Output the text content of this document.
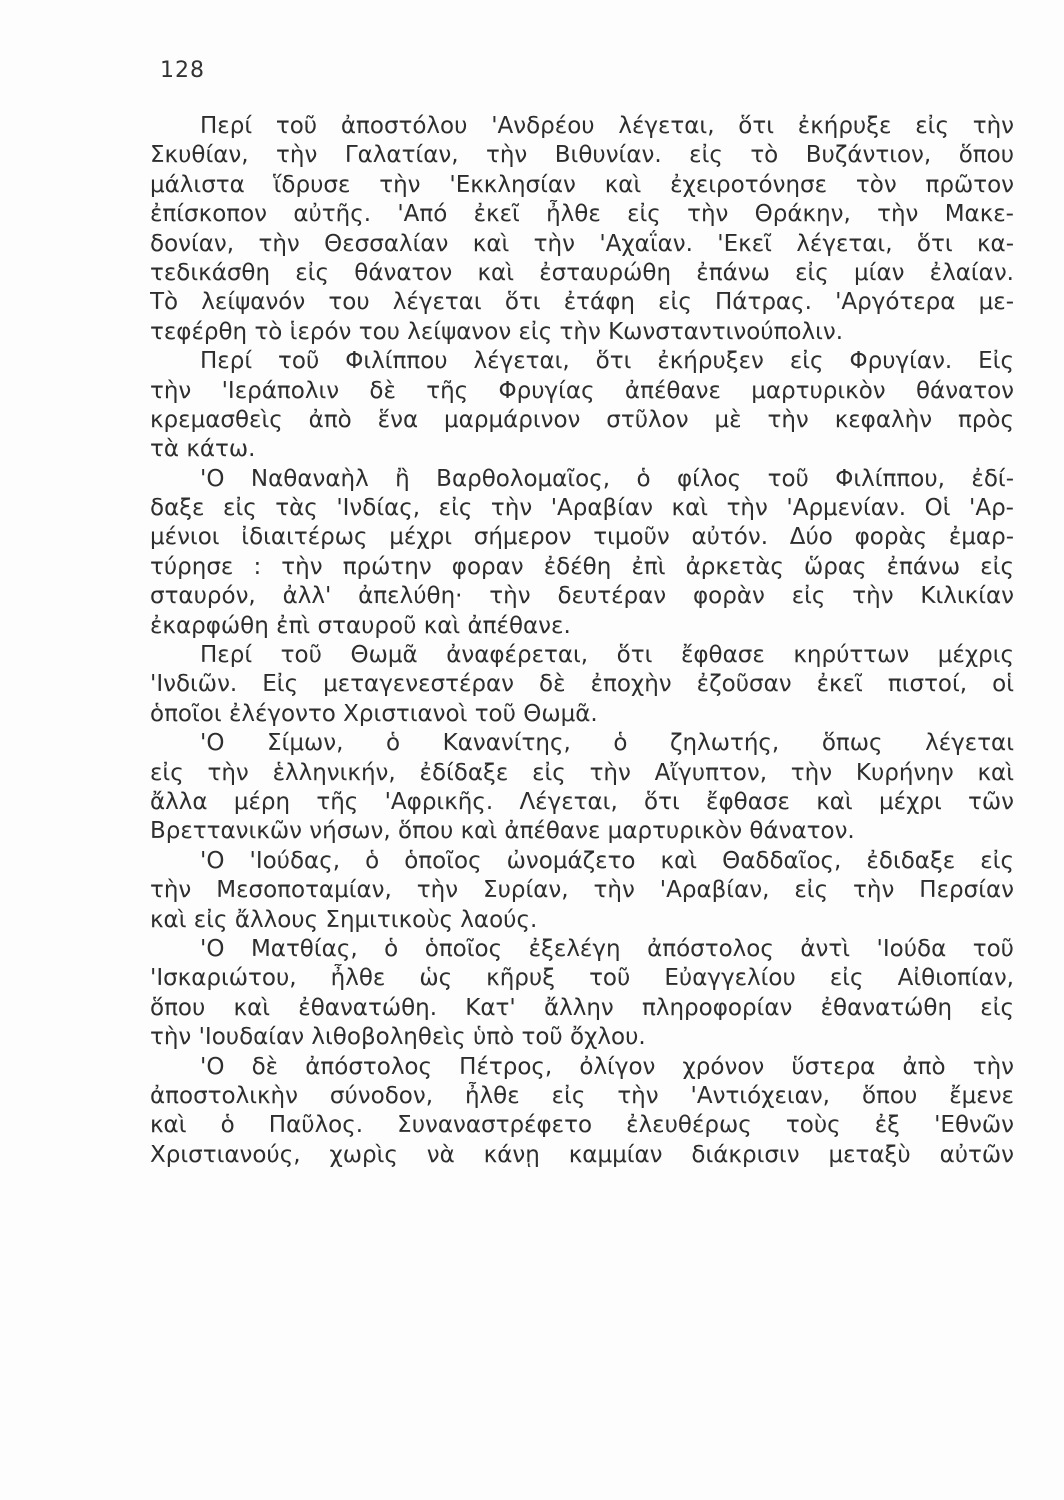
128
Περί τοῦ ἀποστόλου 'Ανδρέου λέγεται, ὅτι ἐκήρυξε εἰς τὴν
Σκυθίαν, τὴν Γαλατίαν, τὴν Βιθυνίαν. εἰς τὸ Βυζάντιον, ὅπου
μάλιστα ἵδρυσε τὴν 'Εκκλησίαν καὶ ἐχειροτόνησε τὸν πρῶτον
ἐπίσκοπον αὐτῆς. 'Από ἐκεῖ ἦλθε εἰς τὴν Θράκην, τὴν Μακε-
δονίαν, τὴν Θεσσαλίαν καὶ τὴν 'Αχαΐαν. 'Εκεῖ λέγεται, ὅτι κα-
τεδικάσθη εἰς θάνατον καὶ ἐσταυρώθη ἐπάνω εἰς μίαν ἐλαίαν.
Τὸ λείψανόν του λέγεται ὅτι ἐτάφη εἰς Πάτρας. 'Αργότερα με-
τεφέρθη τὸ ἱερόν του λείψανον εἰς τὴν Κωνσταντινούπολιν.
Περί τοῦ Φιλίππου λέγεται, ὅτι ἐκήρυξεν εἰς Φρυγίαν. Εἰς
τὴν 'Ιεράπολιν δὲ τῆς Φρυγίας ἀπέθανε μαρτυρικὸν θάνατον
κρεμασθεὶς ἀπὸ ἕνα μαρμάρινον στῦλον μὲ τὴν κεφαλὴν πρὸς
τὰ κάτω.
'Ο Ναθαναὴλ ἢ Βαρθολομαῖος, ὁ φίλος τοῦ Φιλίππου, ἐδί-
δαξε εἰς τὰς 'Ινδίας, εἰς τὴν 'Αραβίαν καὶ τὴν 'Αρμενίαν. Οἱ 'Αρ-
μένιοι ἰδιαιτέρως μέχρι σήμερον τιμοῦν αὐτόν. Δύο φορὰς ἐμαρ-
τύρησε : τὴν πρώτην φοραν ἐδέθη ἐπὶ ἀρκετὰς ὥρας ἐπάνω εἰς
σταυρόν, ἀλλ' ἀπελύθη· τὴν δευτέραν φορὰν εἰς τὴν Κιλικίαν
ἐκαρφώθη ἐπὶ σταυροῦ καὶ ἀπέθανε.
Περί τοῦ Θωμᾶ ἀναφέρεται, ὅτι ἔφθασε κηρύττων μέχρις
'Ινδιῶν. Εἰς μεταγενεστέραν δὲ ἐποχὴν ἐζοῦσαν ἐκεῖ πιστοί, οἱ
ὁποῖοι ἐλέγοντο Χριστιανοὶ τοῦ Θωμᾶ.
'Ο Σίμων, ὁ Κανανίτης, ὁ ζηλωτής, ὅπως λέγεται
εἰς τὴν ἑλληνικήν, ἐδίδαξε εἰς τὴν Αἴγυπτον, τὴν Κυρήνην καὶ
ἄλλα μέρη τῆς 'Αφρικῆς. Λέγεται, ὅτι ἔφθασε καὶ μέχρι τῶν
Βρεττανικῶν νήσων, ὅπου καὶ ἀπέθανε μαρτυρικὸν θάνατον.
'Ο 'Ιούδας, ὁ ὁποῖος ὠνομάζετο καὶ Θαδδαῖος, ἐδιδαξε εἰς
τὴν Μεσοποταμίαν, τὴν Συρίαν, τὴν 'Αραβίαν, εἰς τὴν Περσίαν
καὶ εἰς ἄλλους Σημιτικοὺς λαούς.
'Ο Ματθίας, ὁ ὁποῖος ἐξελέγη ἀπόστολος ἀντὶ 'Ιούδα τοῦ
'Ισκαριώτου, ἦλθε ὡς κῆρυξ τοῦ Εὐαγγελίου εἰς Αἰθιοπίαν,
ὅπου καὶ ἐθανατώθη. Κατ' ἄλλην πληροφορίαν ἐθανατώθη εἰς
τὴν 'Ιουδαίαν λιθοβοληθεὶς ὑπὸ τοῦ ὄχλου.
'Ο δὲ ἀπόστολος Πέτρος, ὀλίγον χρόνον ὕστερα ἀπὸ τὴν
ἀποστολικὴν σύνοδον, ἦλθε εἰς τὴν 'Αντιόχειαν, ὅπου ἔμενε
καὶ ὁ Παῦλος. Συναναστρέφετο ἐλευθέρως τοὺς ἐξ 'Εθνῶν
Χριστιανούς, χωρὶς νὰ κάνῃ καμμίαν διάκρισιν μεταξὺ αὐτῶν
